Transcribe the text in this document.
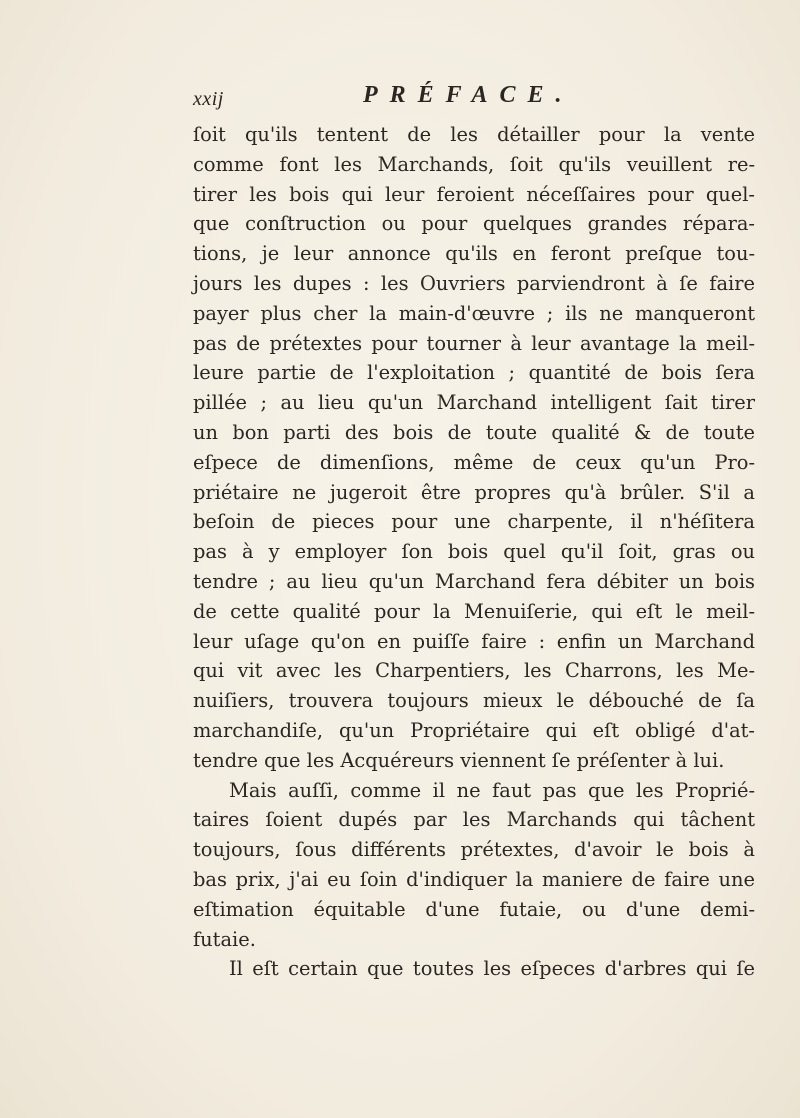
xxij	PRÉFACE.
ſoit qu'ils tentent de les détailler pour la vente
comme font les Marchands, ſoit qu'ils veuillent re-
tirer les bois qui leur feroient néceſſaires pour quel-
que conſtruction ou pour quelques grandes répara-
tions, je leur annonce qu'ils en feront preſque tou-
jours les dupes : les Ouvriers parviendront à ſe faire
payer plus cher la main-d'œuvre ; ils ne manqueront
pas de prétextes pour tourner à leur avantage la meil-
leure partie de l'exploitation ; quantité de bois ſera
pillée ; au lieu qu'un Marchand intelligent ſait tirer
un bon parti des bois de toute qualité & de toute
eſpece de dimenſions, même de ceux qu'un Pro-
priétaire ne jugeroit être propres qu'à brûler. S'il a
beſoin de pieces pour une charpente, il n'héſitera
pas à y employer ſon bois quel qu'il ſoit, gras ou
tendre ; au lieu qu'un Marchand fera débiter un bois
de cette qualité pour la Menuiſerie, qui eſt le meil-
leur uſage qu'on en puiſſe faire : enfin un Marchand
qui vit avec les Charpentiers, les Charrons, les Me-
nuiſiers, trouvera toujours mieux le débouché de ſa
marchandiſe, qu'un Propriétaire qui eſt obligé d'at-
tendre que les Acquéreurs viennent ſe préſenter à lui.
Mais auſſi, comme il ne faut pas que les Proprié-
taires ſoient dupés par les Marchands qui tâchent
toujours, ſous différents prétextes, d'avoir le bois à
bas prix, j'ai eu ſoin d'indiquer la maniere de faire une
eſtimation équitable d'une futaie, ou d'une demi-
futaie.
Il eſt certain que toutes les eſpeces d'arbres qui ſe
